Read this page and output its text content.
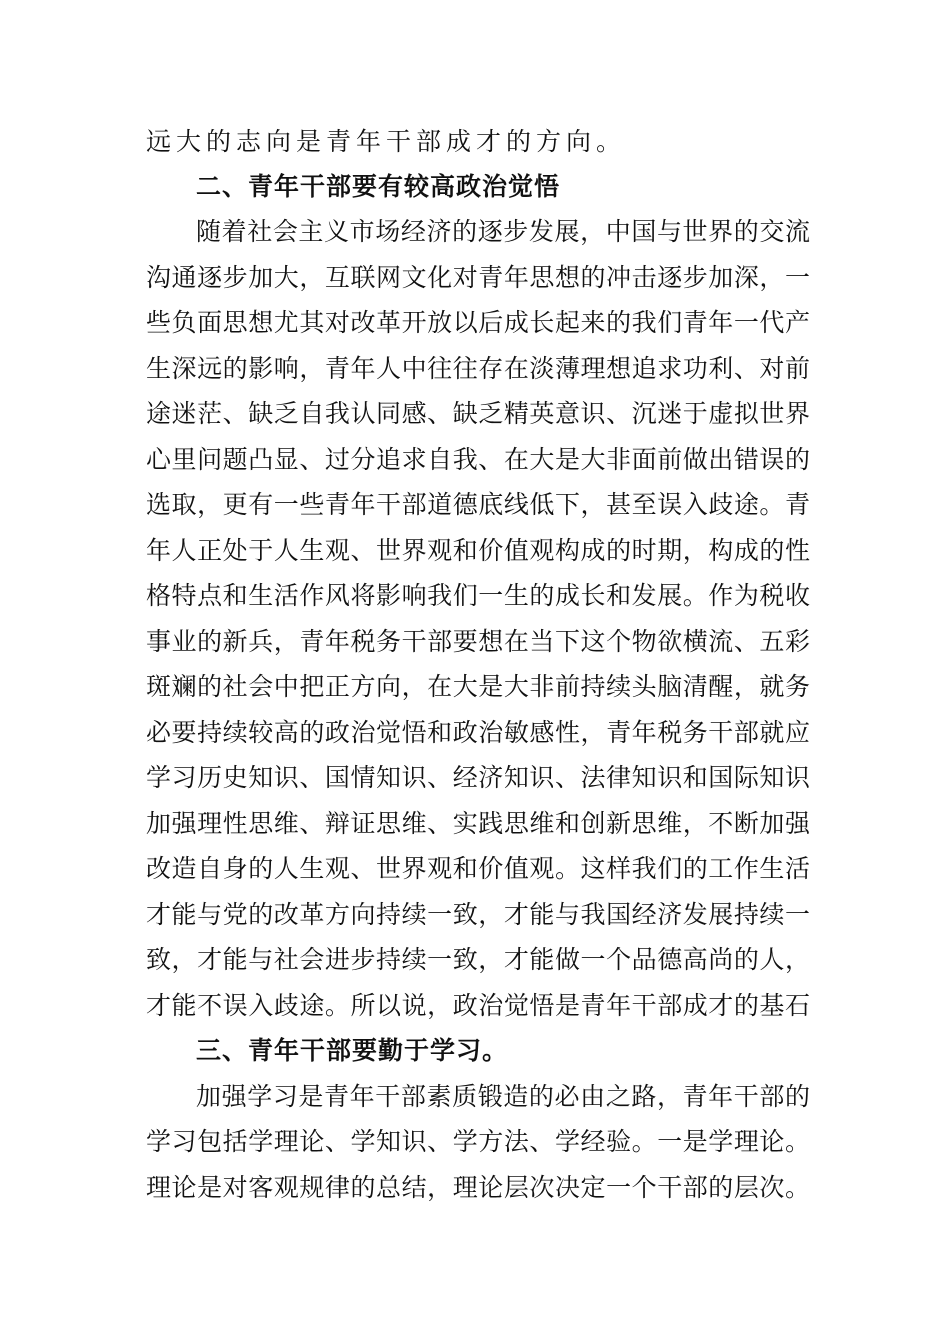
远大的志向是青年干部成才的方向。
二、青年干部要有较高政治觉悟
随着社会主义市场经济的逐步发展，中国与世界的交流
沟通逐步加大，互联网文化对青年思想的冲击逐步加深，一
些负面思想尤其对改革开放以后成长起来的我们青年一代产
生深远的影响，青年人中往往存在淡薄理想追求功利、对前
途迷茫、缺乏自我认同感、缺乏精英意识、沉迷于虚拟世界
心里问题凸显、过分追求自我、在大是大非面前做出错误的
选取，更有一些青年干部道德底线低下，甚至误入歧途。青
年人正处于人生观、世界观和价值观构成的时期，构成的性
格特点和生活作风将影响我们一生的成长和发展。作为税收
事业的新兵，青年税务干部要想在当下这个物欲横流、五彩
斑斓的社会中把正方向，在大是大非前持续头脑清醒，就务
必要持续较高的政治觉悟和政治敏感性，青年税务干部就应
学习历史知识、国情知识、经济知识、法律知识和国际知识
加强理性思维、辩证思维、实践思维和创新思维，不断加强
改造自身的人生观、世界观和价值观。这样我们的工作生活
才能与党的改革方向持续一致，才能与我国经济发展持续一
致，才能与社会进步持续一致，才能做一个品德高尚的人，
才能不误入歧途。所以说，政治觉悟是青年干部成才的基石
三、青年干部要勤于学习。
加强学习是青年干部素质锻造的必由之路，青年干部的
学习包括学理论、学知识、学方法、学经验。一是学理论。
理论是对客观规律的总结，理论层次决定一个干部的层次。
